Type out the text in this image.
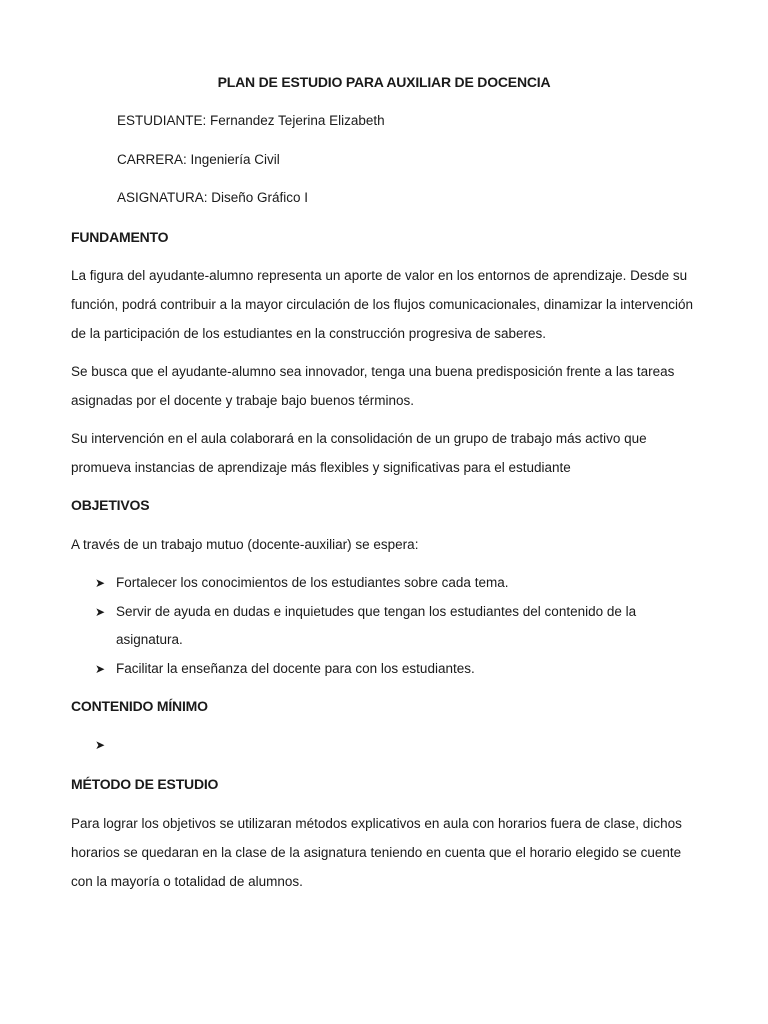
PLAN DE ESTUDIO PARA AUXILIAR DE DOCENCIA
ESTUDIANTE: Fernandez Tejerina Elizabeth
CARRERA: Ingeniería Civil
ASIGNATURA: Diseño Gráfico I
FUNDAMENTO

La figura del ayudante-alumno representa un aporte de valor en los entornos de aprendizaje. Desde su función, podrá contribuir a la mayor circulación de los flujos comunicacionales, dinamizar la intervención de la participación de los estudiantes en la construcción progresiva de saberes.

Se busca que el ayudante-alumno sea innovador, tenga una buena predisposición frente a las tareas asignadas por el docente y trabaje bajo buenos términos.

Su intervención en el aula colaborará en la consolidación de un grupo de trabajo más activo que promueva instancias de aprendizaje más flexibles y significativas para el estudiante

OBJETIVOS

A través de un trabajo mutuo (docente-auxiliar) se espera:

➤ Fortalecer los conocimientos de los estudiantes sobre cada tema.
➤ Servir de ayuda en dudas e inquietudes que tengan los estudiantes del contenido de la asignatura.
➤ Facilitar la enseñanza del docente para con los estudiantes.
CONTENIDO MÍNIMO
➤
MÉTODO DE ESTUDIO

Para lograr los objetivos se utilizaran métodos explicativos en aula con horarios fuera de clase, dichos horarios se quedaran en la clase de la asignatura teniendo en cuenta que el horario elegido se cuente con la mayoría o totalidad de alumnos.
